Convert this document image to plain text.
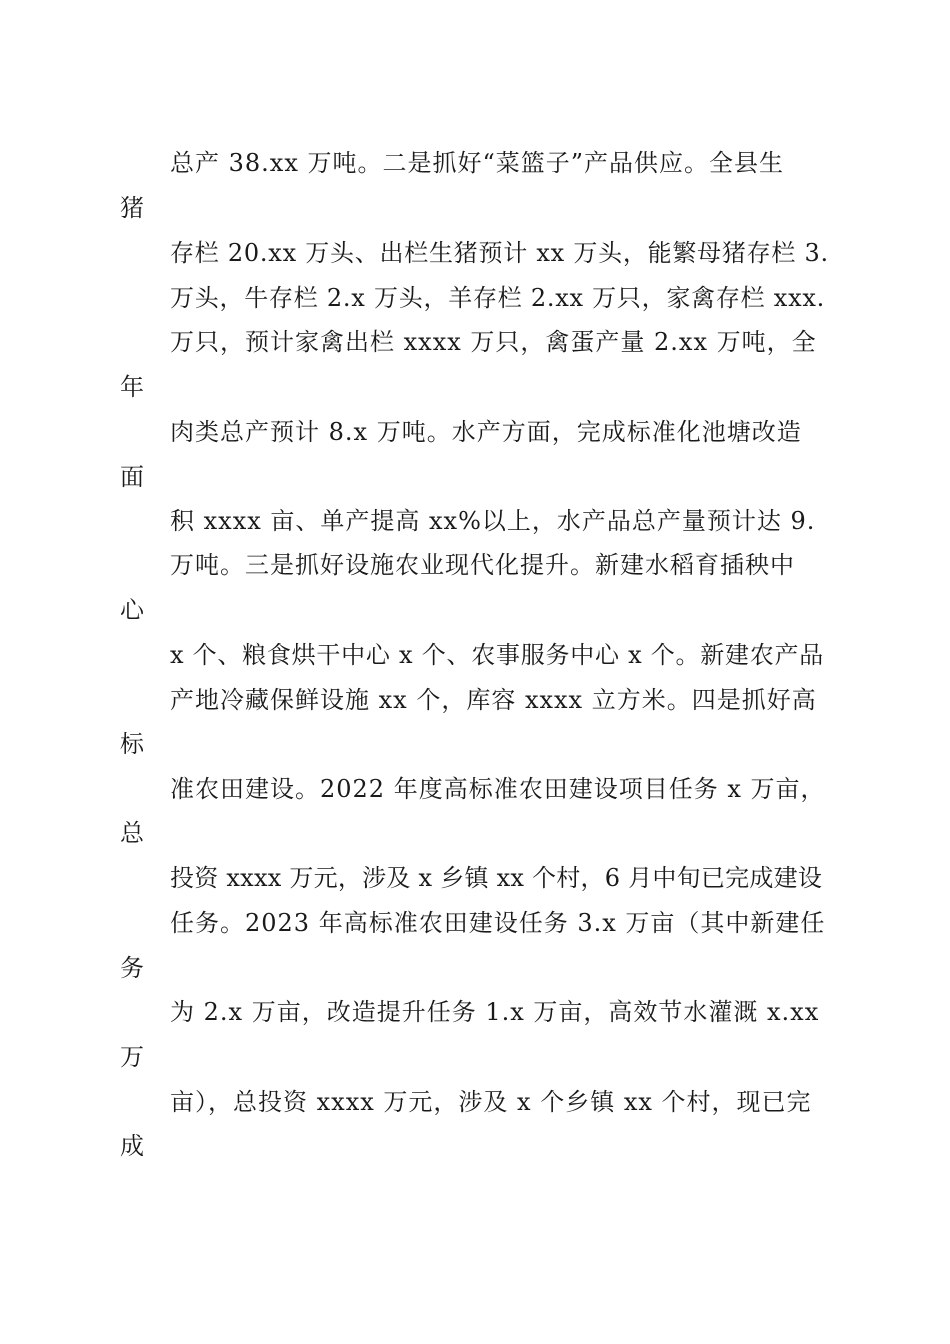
总产 38.xx 万吨。二是抓好“菜篮子”产品供应。全县生
猪
存栏 20.xx 万头、出栏生猪预计 xx 万头，能繁母猪存栏 3.
万头，牛存栏 2.x 万头，羊存栏 2.xx 万只，家禽存栏 xxx.
万只，预计家禽出栏 xxxx 万只，禽蛋产量 2.xx 万吨，全
年
肉类总产预计 8.x 万吨。水产方面，完成标准化池塘改造
面
积 xxxx 亩、单产提高 xx%以上，水产品总产量预计达 9.
万吨。三是抓好设施农业现代化提升。新建水稻育插秧中
心
x 个、粮食烘干中心 x 个、农事服务中心 x 个。新建农产品
产地冷藏保鲜设施 xx 个，库容 xxxx 立方米。四是抓好高
标
准农田建设。2022 年度高标准农田建设项目任务 x 万亩，
总
投资 xxxx 万元，涉及 x 乡镇 xx 个村，6 月中旬已完成建设
任务。2023 年高标准农田建设任务 3.x 万亩（其中新建任
务
为 2.x 万亩，改造提升任务 1.x 万亩，高效节水灌溉 x.xx
万
亩），总投资 xxxx 万元，涉及 x 个乡镇 xx 个村，现已完
成
